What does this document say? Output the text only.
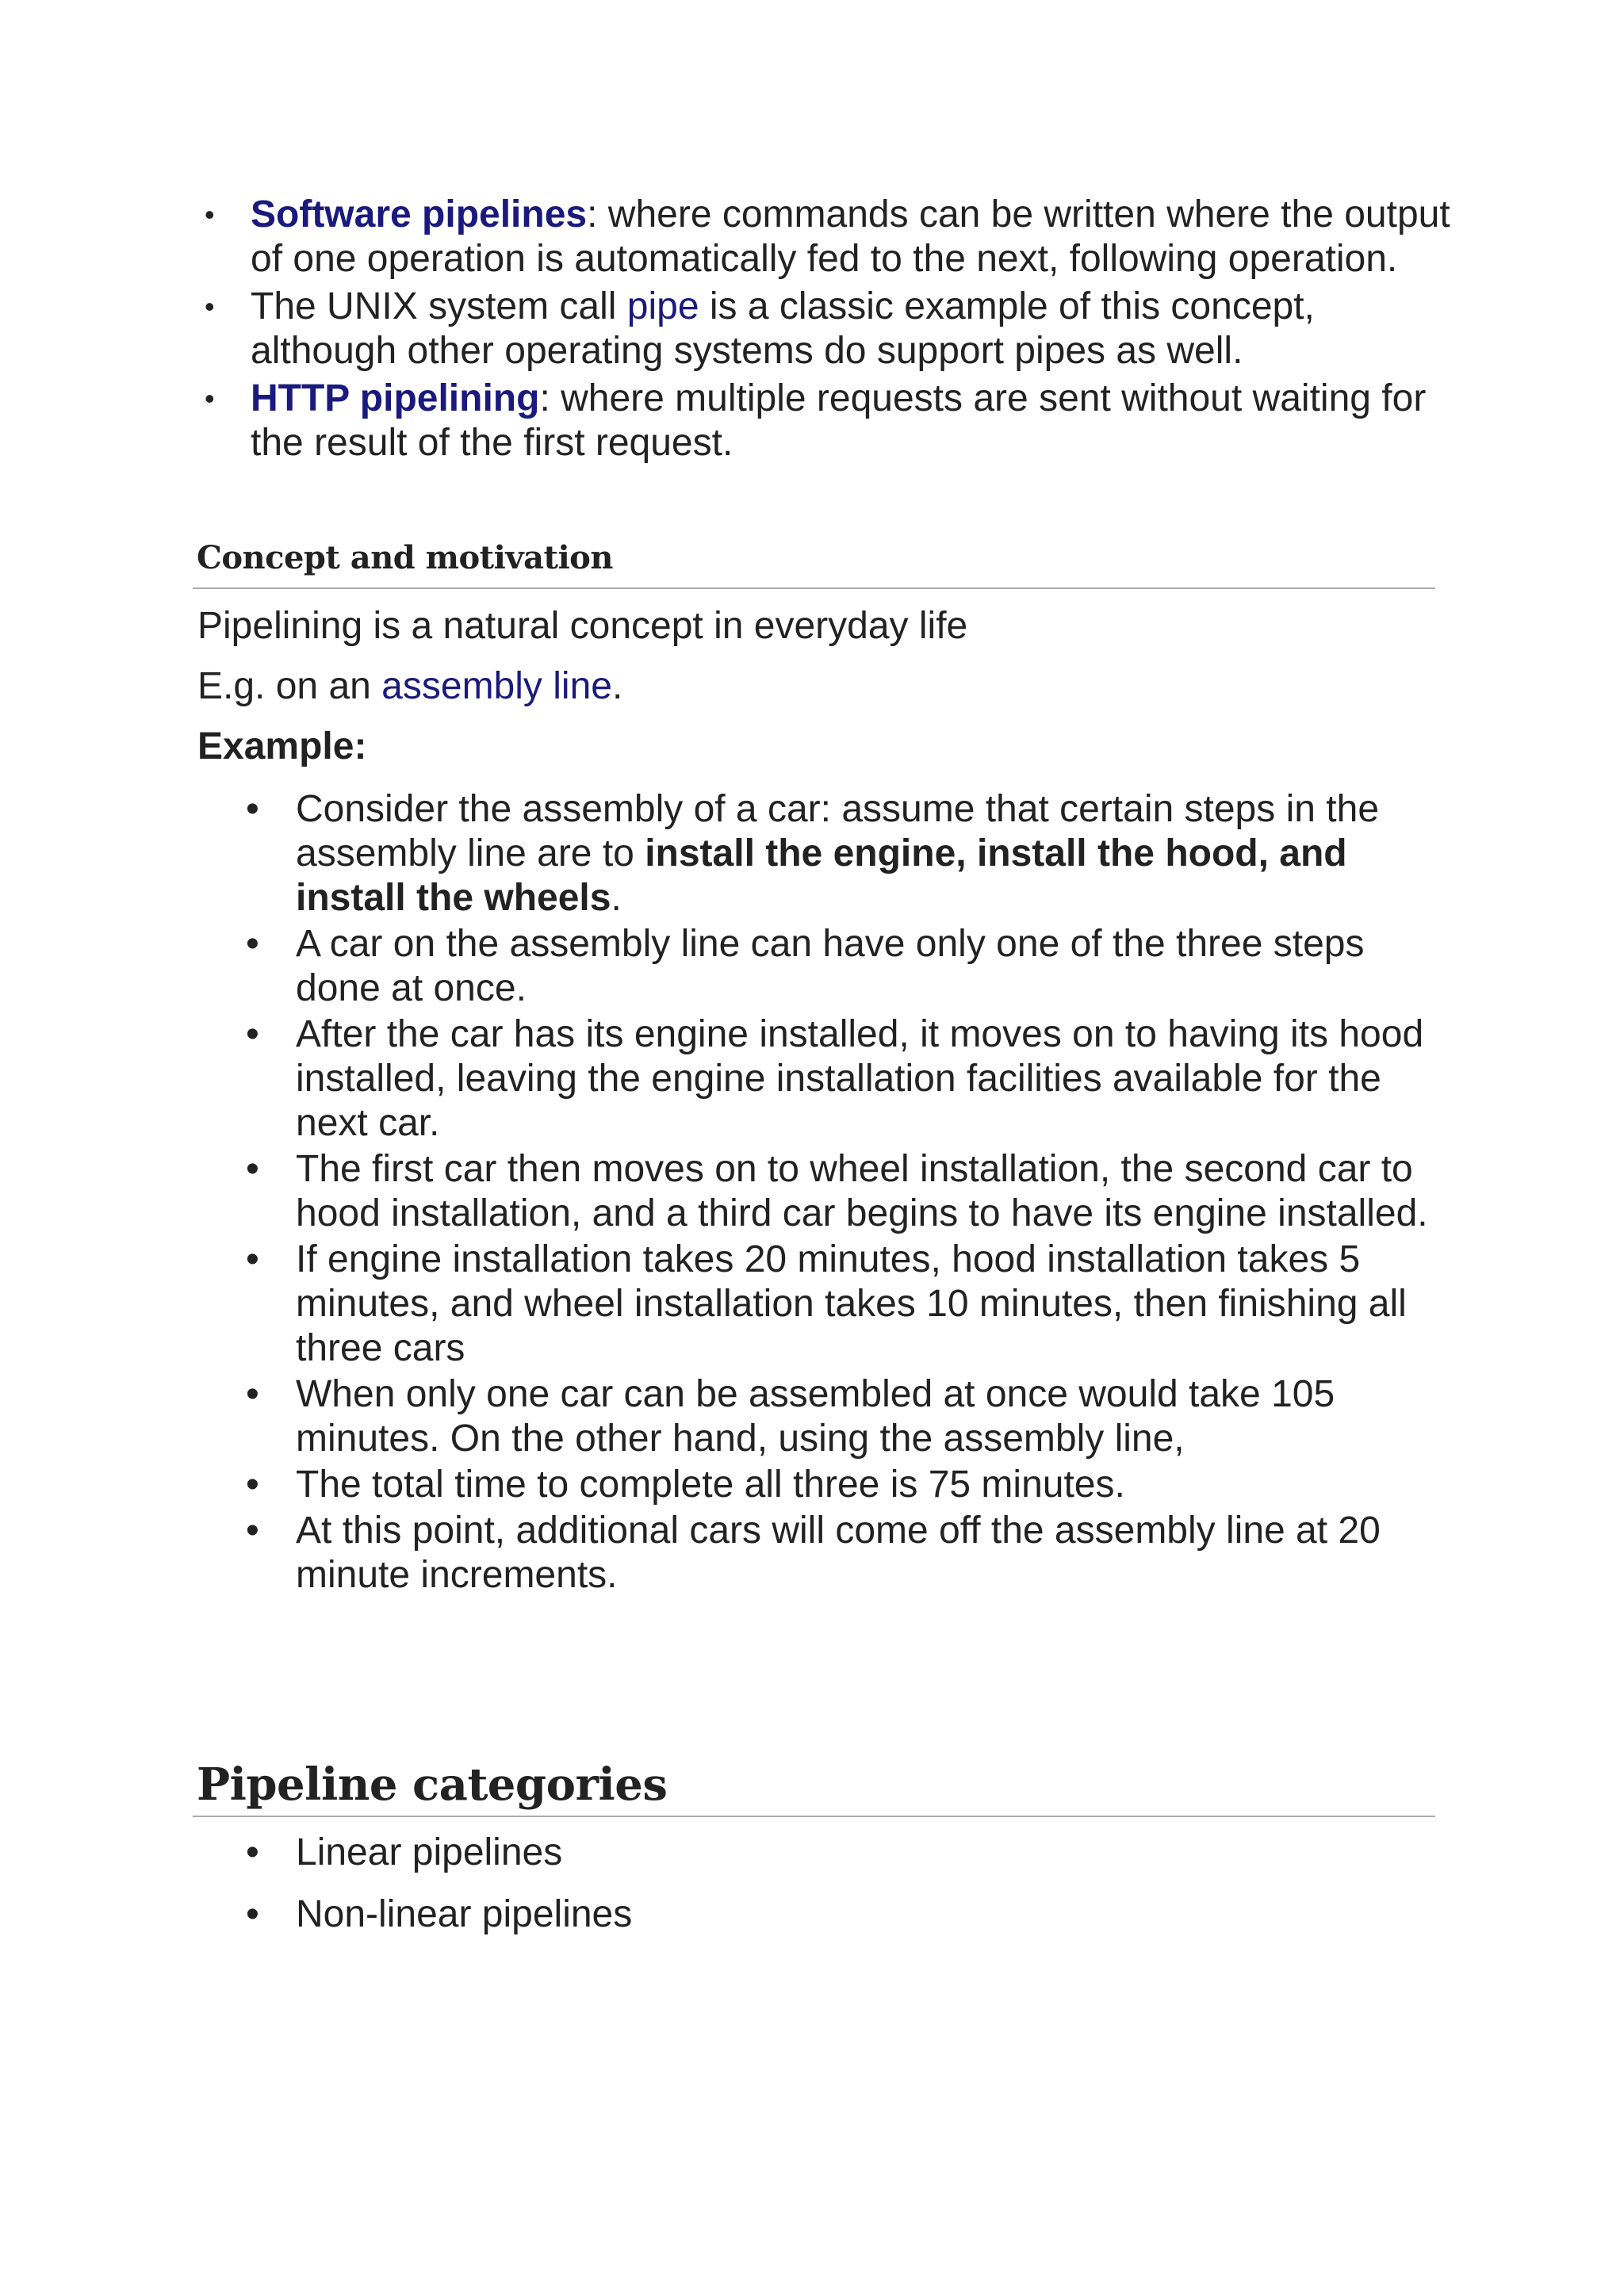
• Software pipelines: where commands can be written where the output of one operation is automatically fed to the next, following operation.
• The UNIX system call pipe is a classic example of this concept, although other operating systems do support pipes as well.
• HTTP pipelining: where multiple requests are sent without waiting for the result of the first request.
Concept and motivation
Pipelining is a natural concept in everyday life
E.g. on an assembly line.
Example:
• Consider the assembly of a car: assume that certain steps in the assembly line are to install the engine, install the hood, and install the wheels.
• A car on the assembly line can have only one of the three steps done at once.
• After the car has its engine installed, it moves on to having its hood installed, leaving the engine installation facilities available for the next car.
• The first car then moves on to wheel installation, the second car to hood installation, and a third car begins to have its engine installed.
• If engine installation takes 20 minutes, hood installation takes 5 minutes, and wheel installation takes 10 minutes, then finishing all three cars
• When only one car can be assembled at once would take 105 minutes. On the other hand, using the assembly line,
• The total time to complete all three is 75 minutes.
• At this point, additional cars will come off the assembly line at 20 minute increments.
Pipeline categories
• Linear pipelines
• Non-linear pipelines
